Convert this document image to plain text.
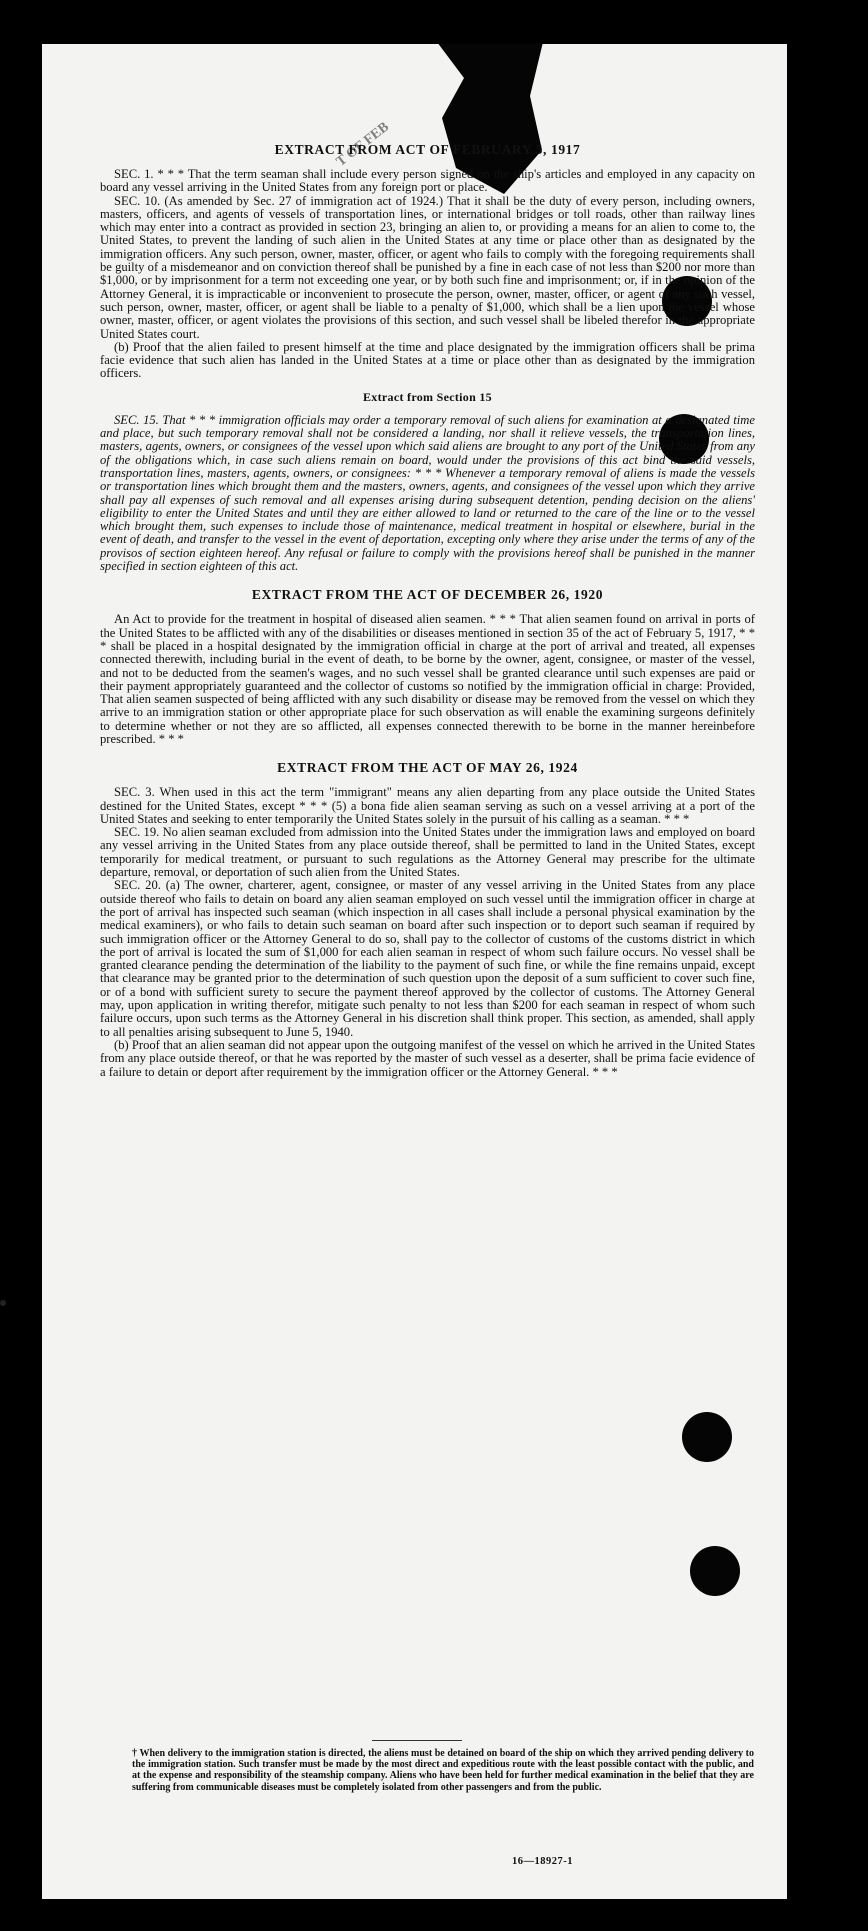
T OF FEB
EXTRACT FROM ACT OF FEBRUARY 5, 1917

SEC. 1. * * * That the term seaman shall include every person signed on the ship's articles and employed in any capacity on board any vessel arriving in the United States from any foreign port or place.

SEC. 10. (As amended by Sec. 27 of immigration act of 1924.) That it shall be the duty of every person, including owners, masters, officers, and agents of vessels of transportation lines, or international bridges or toll roads, other than railway lines which may enter into a contract as provided in section 23, bringing an alien to, or providing a means for an alien to come to, the United States, to prevent the landing of such alien in the United States at any time or place other than as designated by the immigration officers. Any such person, owner, master, officer, or agent who fails to comply with the foregoing requirements shall be guilty of a misdemeanor and on conviction thereof shall be punished by a fine in each case of not less than $200 nor more than $1,000, or by imprisonment for a term not exceeding one year, or by both such fine and imprisonment; or, if in the opinion of the Attorney General, it is impracticable or inconvenient to prosecute the person, owner, master, officer, or agent of any such vessel, such person, owner, master, officer, or agent shall be liable to a penalty of $1,000, which shall be a lien upon the vessel whose owner, master, officer, or agent violates the provisions of this section, and such vessel shall be libeled therefor in the appropriate United States court.

(b) Proof that the alien failed to present himself at the time and place designated by the immigration officers shall be prima facie evidence that such alien has landed in the United States at a time or place other than as designated by the immigration officers.

Extract from Section 15

SEC. 15. That * * * immigration officials may order a temporary removal of such aliens for examination at a designated time and place, but such temporary removal shall not be considered a landing, nor shall it relieve vessels, the transportation lines, masters, agents, owners, or consignees of the vessel upon which said aliens are brought to any port of the United States from any of the obligations which, in case such aliens remain on board, would under the provisions of this act bind the said vessels, transportation lines, masters, agents, owners, or consignees: * * * Whenever a temporary removal of aliens is made the vessels or transportation lines which brought them and the masters, owners, agents, and consignees of the vessel upon which they arrive shall pay all expenses of such removal and all expenses arising during subsequent detention, pending decision on the aliens' eligibility to enter the United States and until they are either allowed to land or returned to the care of the line or to the vessel which brought them, such expenses to include those of maintenance, medical treatment in hospital or elsewhere, burial in the event of death, and transfer to the vessel in the event of deportation, excepting only where they arise under the terms of any of the provisos of section eighteen hereof. Any refusal or failure to comply with the provisions hereof shall be punished in the manner specified in section eighteen of this act.

EXTRACT FROM THE ACT OF DECEMBER 26, 1920

An Act to provide for the treatment in hospital of diseased alien seamen. * * * That alien seamen found on arrival in ports of the United States to be afflicted with any of the disabilities or diseases mentioned in section 35 of the act of February 5, 1917, * * * shall be placed in a hospital designated by the immigration official in charge at the port of arrival and treated, all expenses connected therewith, including burial in the event of death, to be borne by the owner, agent, consignee, or master of the vessel, and not to be deducted from the seamen's wages, and no such vessel shall be granted clearance until such expenses are paid or their payment appropriately guaranteed and the collector of customs so notified by the immigration official in charge: Provided, That alien seamen suspected of being afflicted with any such disability or disease may be removed from the vessel on which they arrive to an immigration station or other appropriate place for such observation as will enable the examining surgeons definitely to determine whether or not they are so afflicted, all expenses connected therewith to be borne in the manner hereinbefore prescribed. * * *

EXTRACT FROM THE ACT OF MAY 26, 1924

SEC. 3. When used in this act the term "immigrant" means any alien departing from any place outside the United States destined for the United States, except * * * (5) a bona fide alien seaman serving as such on a vessel arriving at a port of the United States and seeking to enter temporarily the United States solely in the pursuit of his calling as a seaman. * * *

SEC. 19. No alien seaman excluded from admission into the United States under the immigration laws and employed on board any vessel arriving in the United States from any place outside thereof, shall be permitted to land in the United States, except temporarily for medical treatment, or pursuant to such regulations as the Attorney General may prescribe for the ultimate departure, removal, or deportation of such alien from the United States.

SEC. 20. (a) The owner, charterer, agent, consignee, or master of any vessel arriving in the United States from any place outside thereof who fails to detain on board any alien seaman employed on such vessel until the immigration officer in charge at the port of arrival has inspected such seaman (which inspection in all cases shall include a personal physical examination by the medical examiners), or who fails to detain such seaman on board after such inspection or to deport such seaman if required by such immigration officer or the Attorney General to do so, shall pay to the collector of customs of the customs district in which the port of arrival is located the sum of $1,000 for each alien seaman in respect of whom such failure occurs. No vessel shall be granted clearance pending the determination of the liability to the payment of such fine, or while the fine remains unpaid, except that clearance may be granted prior to the determination of such question upon the deposit of a sum sufficient to cover such fine, or of a bond with sufficient surety to secure the payment thereof approved by the collector of customs. The Attorney General may, upon application in writing therefor, mitigate such penalty to not less than $200 for each seaman in respect of whom such failure occurs, upon such terms as the Attorney General in his discretion shall think proper. This section, as amended, shall apply to all penalties arising subsequent to June 5, 1940.

(b) Proof that an alien seaman did not appear upon the outgoing manifest of the vessel on which he arrived in the United States from any place outside thereof, or that he was reported by the master of such vessel as a deserter, shall be prima facie evidence of a failure to detain or deport after requirement by the immigration officer or the Attorney General. * * *

† When delivery to the immigration station is directed, the aliens must be detained on board of the ship on which they arrived pending delivery to the immigration station. Such transfer must be made by the most direct and expeditious route with the least possible contact with the public, and at the expense and responsibility of the steamship company. Aliens who have been held for further medical examination in the belief that they are suffering from communicable diseases must be completely isolated from other passengers and from the public.
16—18927-1
